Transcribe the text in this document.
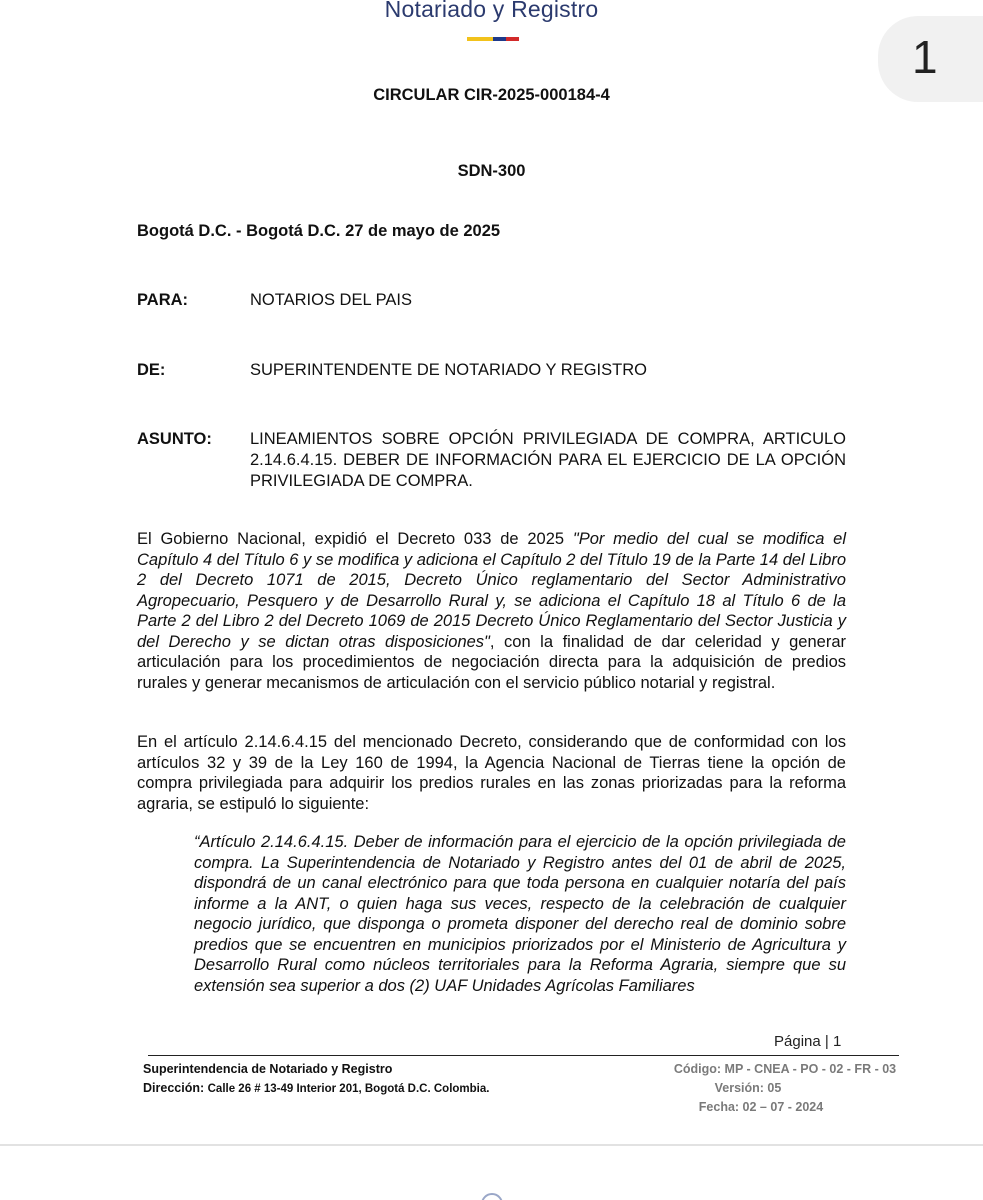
Notariado y Registro
1
CIRCULAR CIR-2025-000184-4
SDN-300
Bogotá D.C. - Bogotá D.C. 27 de mayo de 2025
PARA:	NOTARIOS DEL PAIS
DE:	SUPERINTENDENTE DE NOTARIADO Y REGISTRO
ASUNTO: LINEAMIENTOS SOBRE OPCIÓN PRIVILEGIADA DE COMPRA, ARTICULO 2.14.6.4.15. DEBER DE INFORMACIÓN PARA EL EJERCICIO DE LA OPCIÓN PRIVILEGIADA DE COMPRA.
El Gobierno Nacional, expidió el Decreto 033 de 2025 "Por medio del cual se modifica el Capítulo 4 del Título 6 y se modifica y adiciona el Capítulo 2 del Título 19 de la Parte 14 del Libro 2 del Decreto 1071 de 2015, Decreto Único reglamentario del Sector Administrativo Agropecuario, Pesquero y de Desarrollo Rural y, se adiciona el Capítulo 18 al Título 6 de la Parte 2 del Libro 2 del Decreto 1069 de 2015 Decreto Único Reglamentario del Sector Justicia y del Derecho y se dictan otras disposiciones", con la finalidad de dar celeridad y generar articulación para los procedimientos de negociación directa para la adquisición de predios rurales y generar mecanismos de articulación con el servicio público notarial y registral.
En el artículo 2.14.6.4.15 del mencionado Decreto, considerando que de conformidad con los artículos 32 y 39 de la Ley 160 de 1994, la Agencia Nacional de Tierras tiene la opción de compra privilegiada para adquirir los predios rurales en las zonas priorizadas para la reforma agraria, se estipuló lo siguiente:
“Artículo 2.14.6.4.15. Deber de información para el ejercicio de la opción privilegiada de compra. La Superintendencia de Notariado y Registro antes del 01 de abril de 2025, dispondrá de un canal electrónico para que toda persona en cualquier notaría del país informe a la ANT, o quien haga sus veces, respecto de la celebración de cualquier negocio jurídico, que disponga o prometa disponer del derecho real de dominio sobre predios que se encuentren en municipios priorizados por el Ministerio de Agricultura y Desarrollo Rural como núcleos territoriales para la Reforma Agraria, siempre que su extensión sea superior a dos (2) UAF Unidades Agrícolas Familiares
Página | 1
Superintendencia de Notariado y Registro
Dirección: Calle 26 # 13-49 Interior 201, Bogotá D.C. Colombia.
Código: MP - CNEA - PO - 02 - FR - 03
Versión: 05
Fecha: 02 – 07 - 2024
